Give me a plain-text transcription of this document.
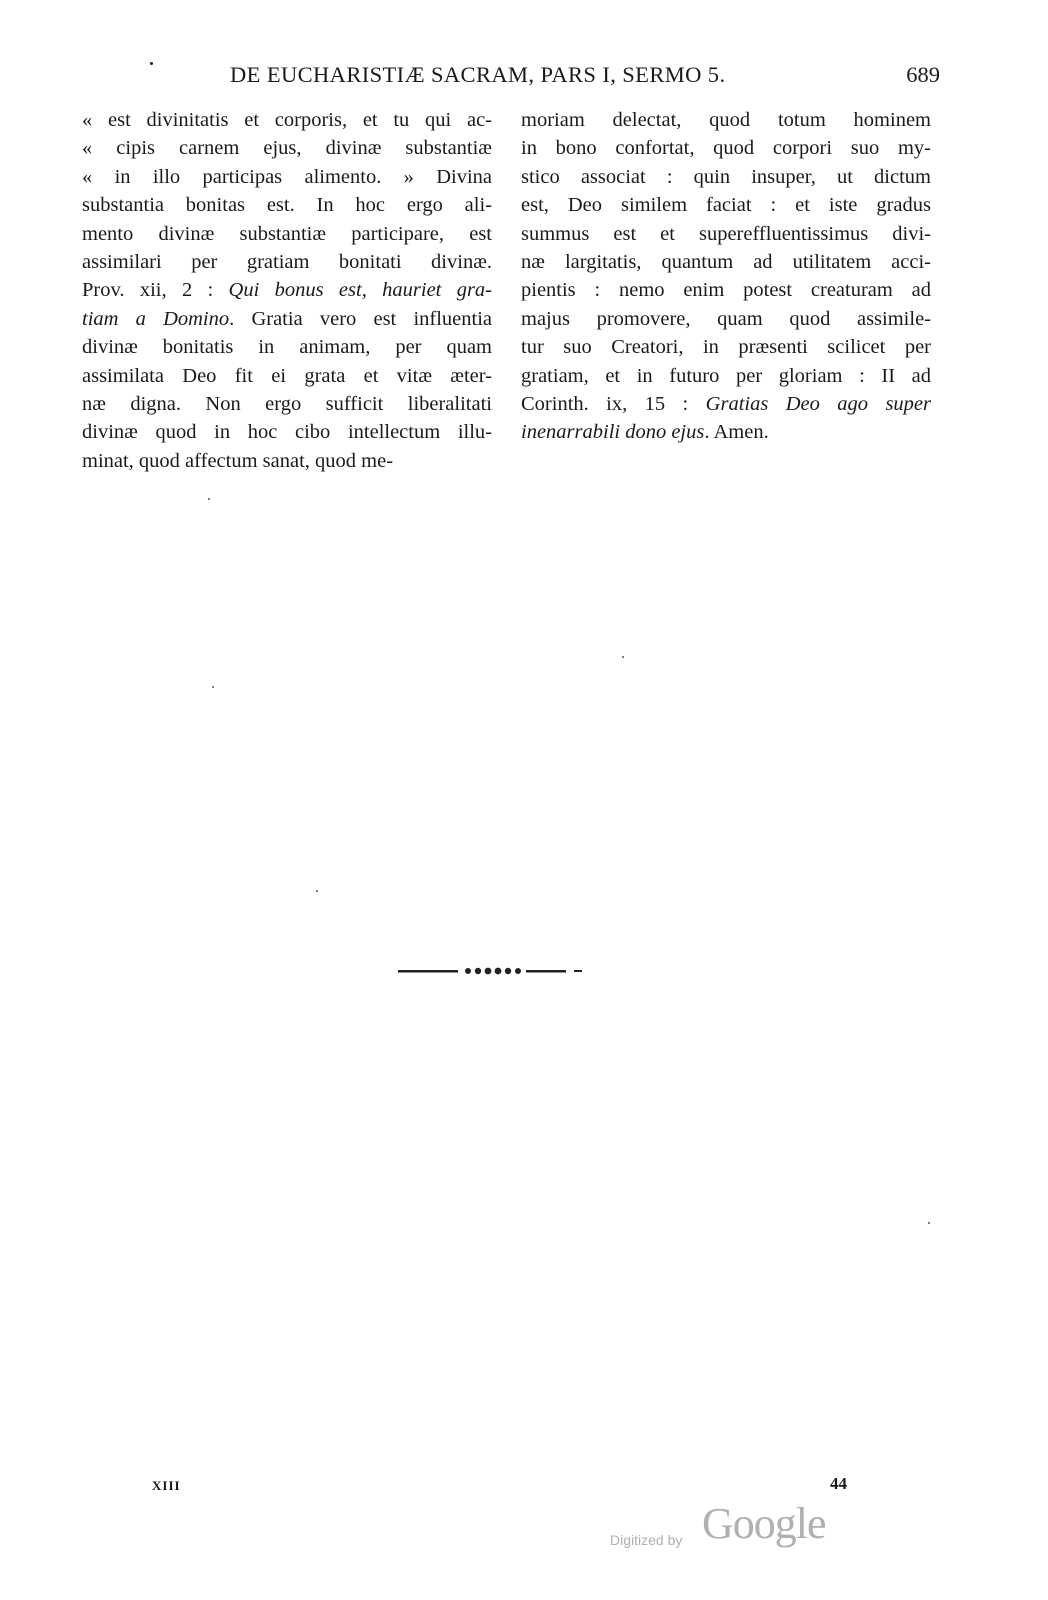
DE EUCHARISTIÆ SACRAM, PARS I, SERMO 5.	689
« est divinitatis et corporis, et tu qui ac-
« cipis carnem ejus, divinæ substantiæ
« in illo participas alimento. » Divina
substantia bonitas est. In hoc ergo ali-
mento divinæ substantiæ participare, est
assimilari per gratiam bonitati divinæ.
Prov. xii, 2 : Qui bonus est, hauriet gra-
tiam a Domino. Gratia vero est influentia
divinæ bonitatis in animam, per quam
assimilata Deo fit ei grata et vitæ æter-
næ digna. Non ergo sufficit liberalitati
divinæ quod in hoc cibo intellectum illu-
minat, quod affectum sanat, quod me-
moriam delectat, quod totum hominem
in bono confortat, quod corpori suo my-
stico associat : quin insuper, ut dictum
est, Deo similem faciat : et iste gradus
summus est et supereffluentissimus divi-
næ largitatis, quantum ad utilitatem acci-
pientis : nemo enim potest creaturam ad
majus promovere, quam quod assimile-
tur suo Creatori, in præsenti scilicet per
gratiam, et in futuro per gloriam : II ad
Corinth. ix, 15 : Gratias Deo ago super
inenarrabili dono ejus. Amen.
XIII	44
Digitized by Google
